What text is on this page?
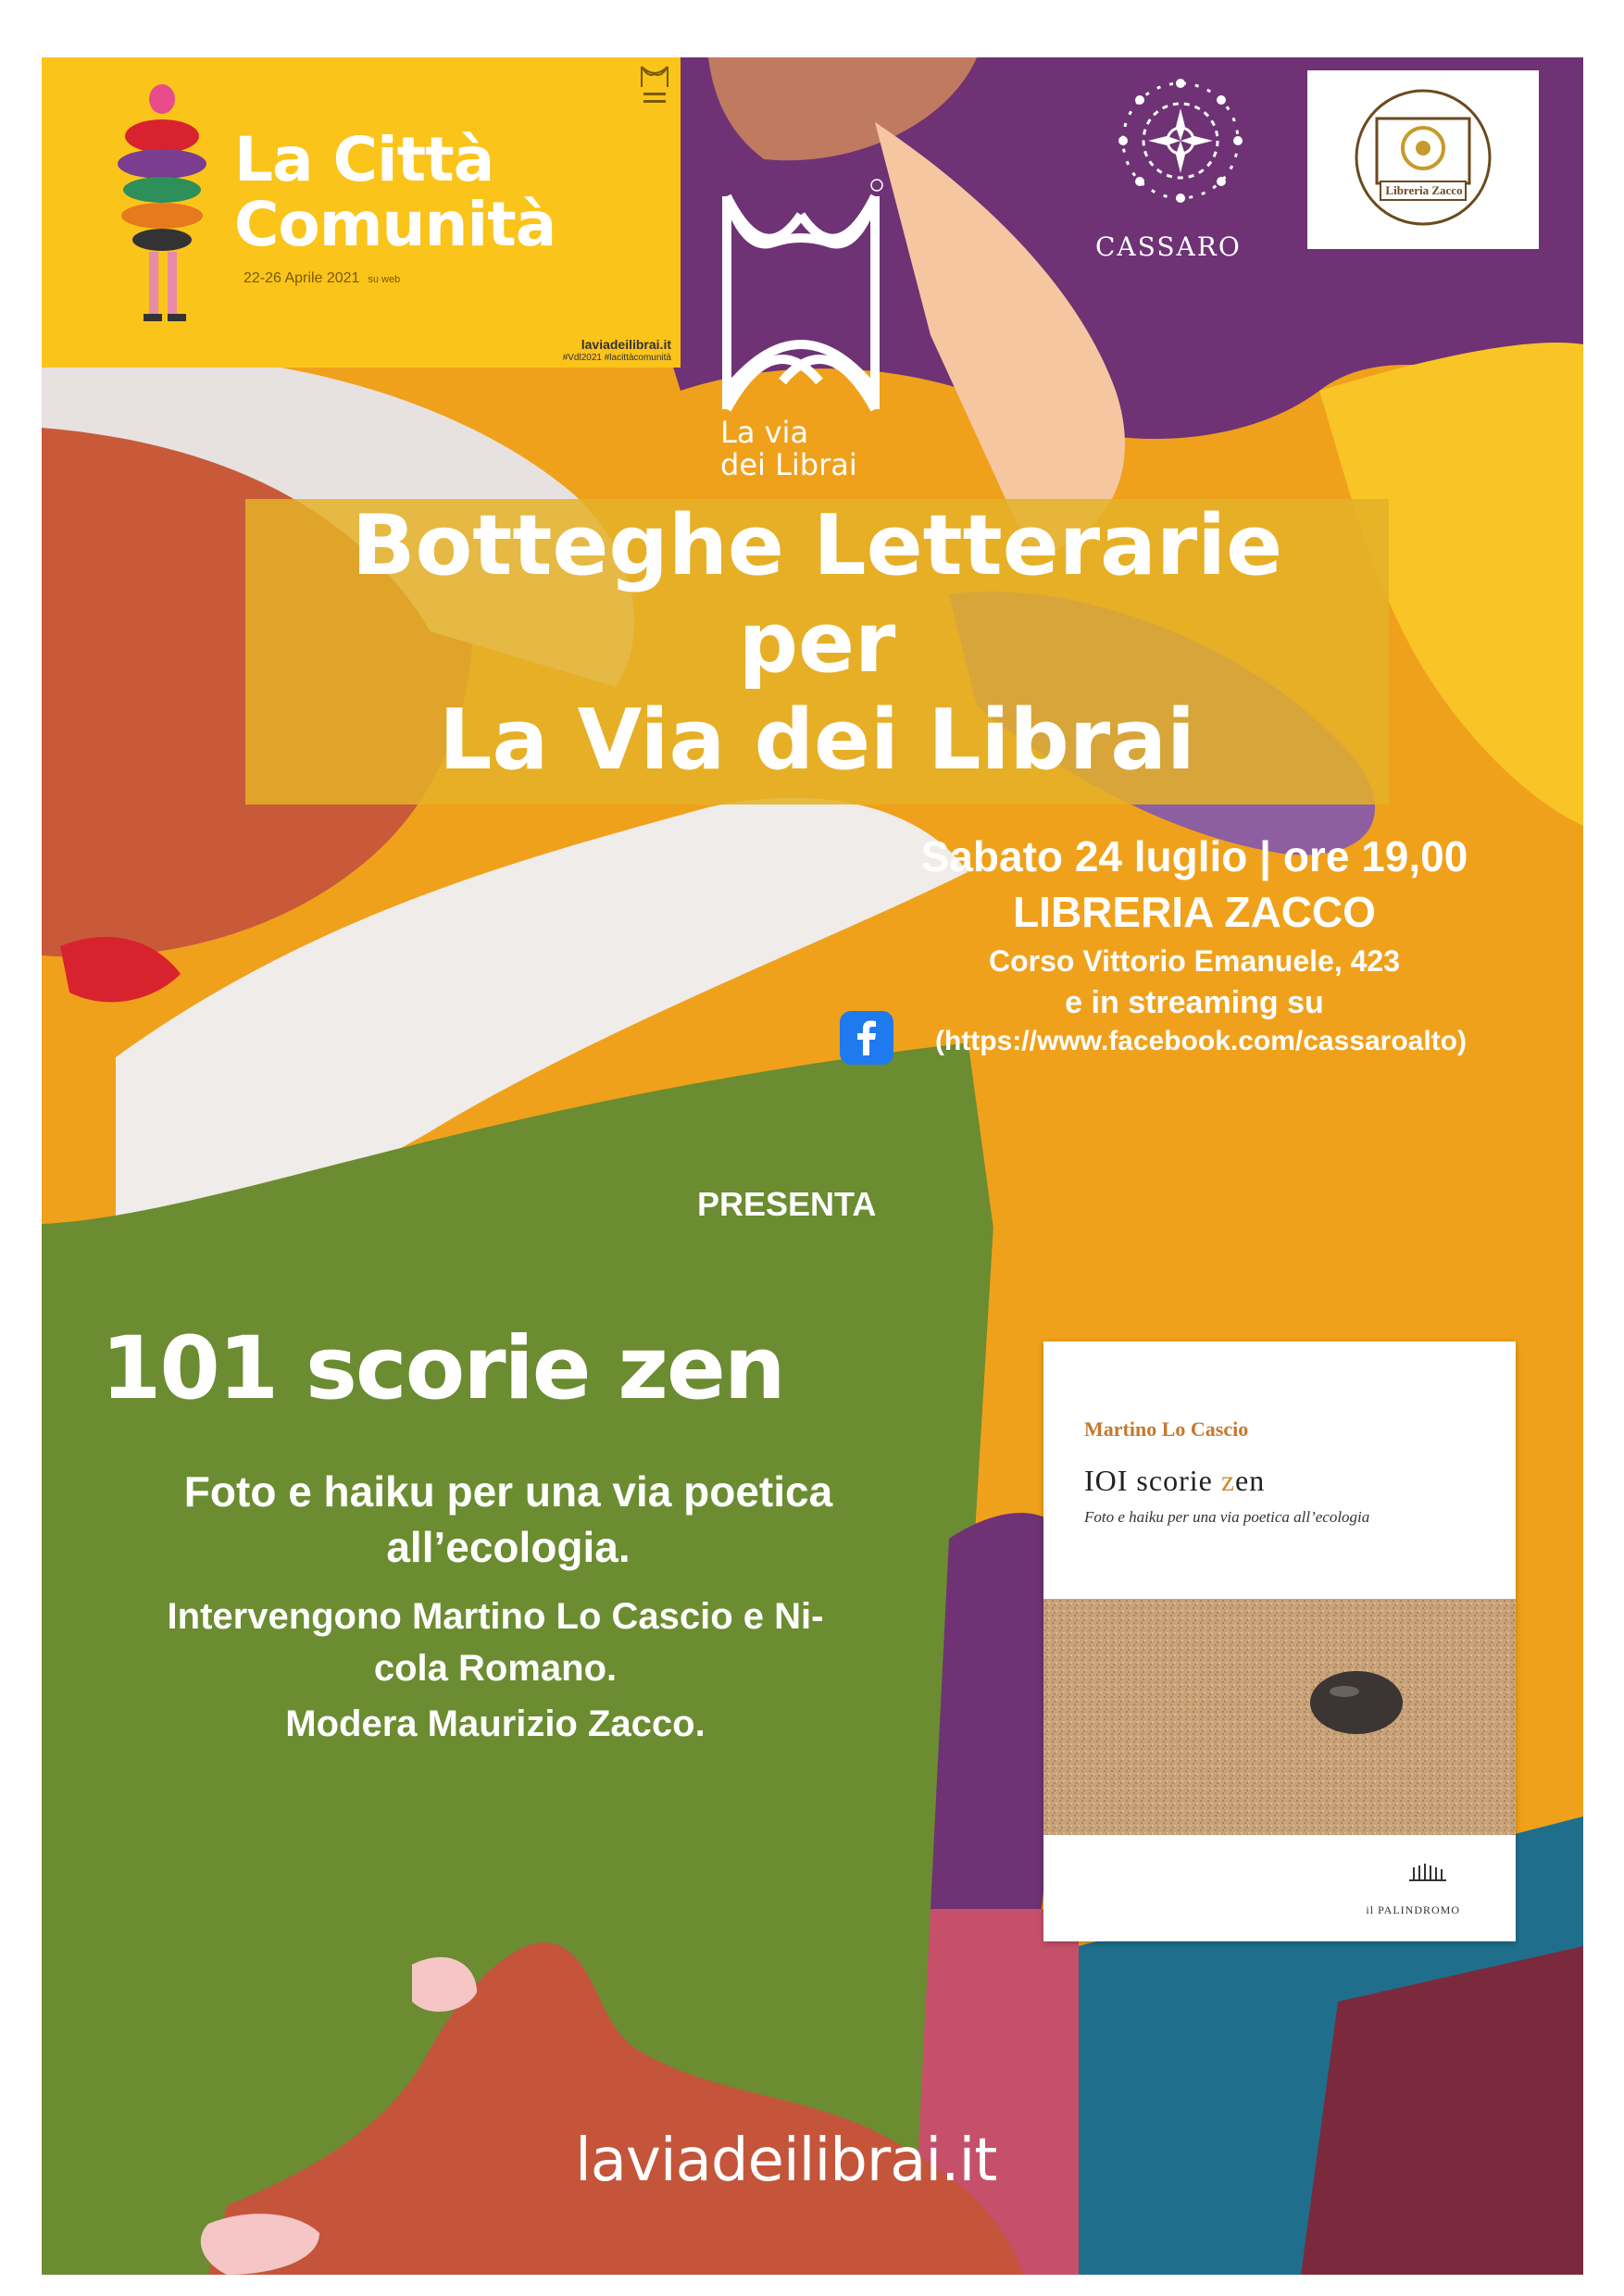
La Città
Comunità
22-26 Aprile 2021 su web
laviadeilibrai.it
#Vdl2021 #lacittàcomunità
La via
dei Librai
CASSARO
Libreria Zacco
Botteghe Letterarie
per
La Via dei Librai
Sabato 24 luglio | ore 19,00
LIBRERIA ZACCO
Corso Vittorio Emanuele, 423
e in streaming su
(https://www.facebook.com/cassaroalto)
PRESENTA
101 scorie zen
Foto e haiku per una via poetica
all’ecologia.
Intervengono Martino Lo Cascio e Ni-
cola Romano.
Modera Maurizio Zacco.
Martino Lo Cascio
IOI scorie zen
Foto e haiku per una via poetica all’ecologia
il PALINDROMO
laviadeilibrai.it
